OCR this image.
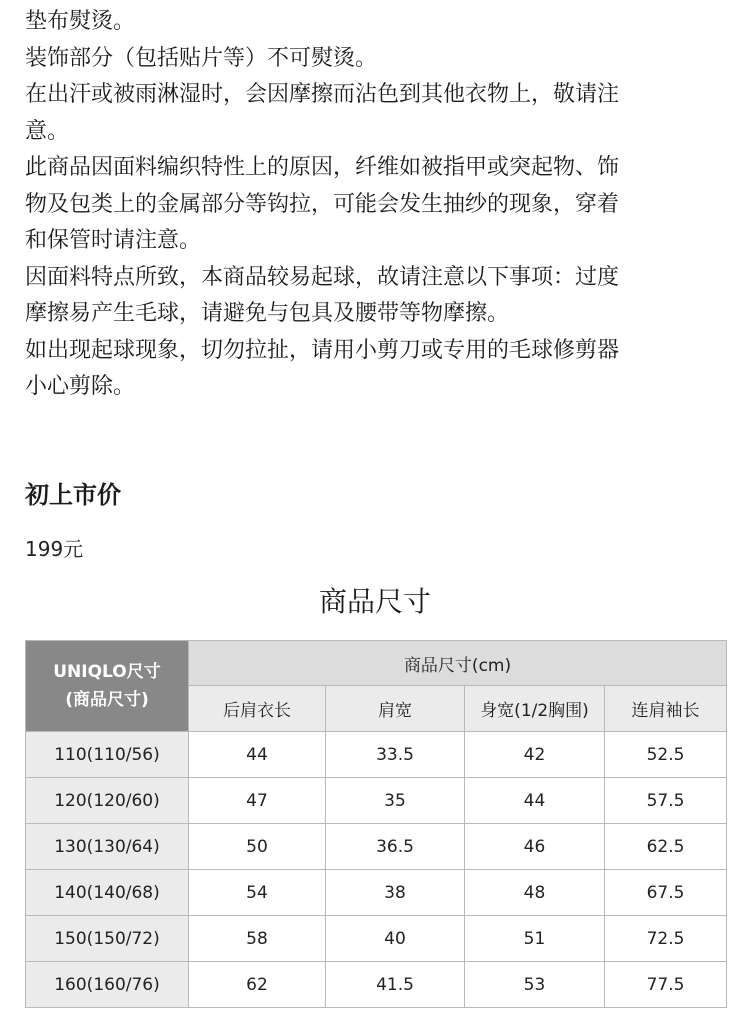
垫布熨烫。
装饰部分（包括贴片等）不可熨烫。
在出汗或被雨淋湿时，会因摩擦而沾色到其他衣物上，敬请注
意。
此商品因面料编织特性上的原因，纤维如被指甲或突起物、饰
物及包类上的金属部分等钩拉，可能会发生抽纱的现象，穿着
和保管时请注意。
因面料特点所致，本商品较易起球，故请注意以下事项：过度
摩擦易产生毛球，请避免与包具及腰带等物摩擦。
如出现起球现象，切勿拉扯，请用小剪刀或专用的毛球修剪器
小心剪除。
初上市价

199元

商品尺寸
UNIQLO尺寸
(商品尺寸)	商品尺寸(cm)			
	后肩衣长	肩宽	身宽(1/2胸围)	连肩袖长
110(110/56)	44	33.5	42	52.5
120(120/60)	47	35	44	57.5
130(130/64)	50	36.5	46	62.5
140(140/68)	54	38	48	67.5
150(150/72)	58	40	51	72.5
160(160/76)	62	41.5	53	77.5
